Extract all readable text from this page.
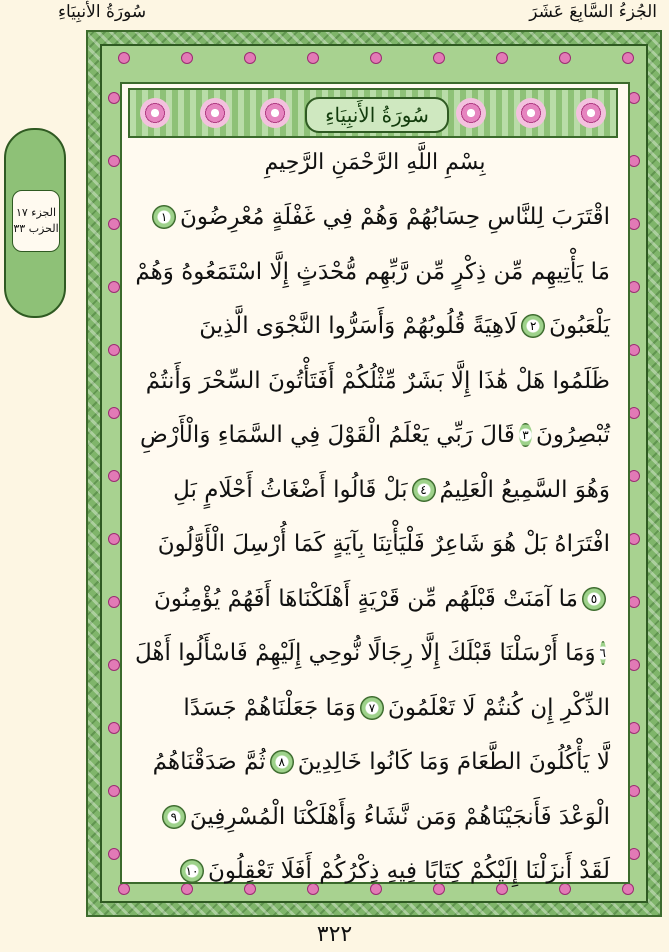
سُورَةُ الأَنبِيَاءِ	الجُزءُ السَّابِعَ عَشَرَ
الجزء ١٧
الحزب ٣٣
سُورَةُ الأَنبِيَاءِ
بِسْمِ اللَّهِ الرَّحْمَنِ الرَّحِيمِ
اقْتَرَبَ لِلنَّاسِ حِسَابُهُمْ وَهُمْ فِي غَفْلَةٍ مُعْرِضُونَ
١
مَا يَأْتِيهِم مِّن ذِكْرٍ مِّن رَّبِّهِم مُّحْدَثٍ إِلَّا اسْتَمَعُوهُ وَهُمْ
يَلْعَبُونَ
٢
لَاهِيَةً قُلُوبُهُمْ وَأَسَرُّوا النَّجْوَى الَّذِينَ
ظَلَمُوا هَلْ هَٰذَا إِلَّا بَشَرٌ مِّثْلُكُمْ أَفَتَأْتُونَ السِّحْرَ وَأَنتُمْ
تُبْصِرُونَ
٣
قَالَ رَبِّي يَعْلَمُ الْقَوْلَ فِي السَّمَاءِ وَالْأَرْضِ
وَهُوَ السَّمِيعُ الْعَلِيمُ
٤
بَلْ قَالُوا أَضْغَاثُ أَحْلَامٍ بَلِ
افْتَرَاهُ بَلْ هُوَ شَاعِرٌ فَلْيَأْتِنَا بِآيَةٍ كَمَا أُرْسِلَ الْأَوَّلُونَ
٥
مَا آمَنَتْ قَبْلَهُم مِّن قَرْيَةٍ أَهْلَكْنَاهَا أَفَهُمْ يُؤْمِنُونَ
٦
وَمَا أَرْسَلْنَا قَبْلَكَ إِلَّا رِجَالًا نُّوحِي إِلَيْهِمْ فَاسْأَلُوا أَهْلَ
الذِّكْرِ إِن كُنتُمْ لَا تَعْلَمُونَ
٧
وَمَا جَعَلْنَاهُمْ جَسَدًا
لَّا يَأْكُلُونَ الطَّعَامَ وَمَا كَانُوا خَالِدِينَ
٨
ثُمَّ صَدَقْنَاهُمُ
الْوَعْدَ فَأَنجَيْنَاهُمْ وَمَن نَّشَاءُ وَأَهْلَكْنَا الْمُسْرِفِينَ
٩
لَقَدْ أَنزَلْنَا إِلَيْكُمْ كِتَابًا فِيهِ ذِكْرُكُمْ أَفَلَا تَعْقِلُونَ
١٠
٣٢٢
